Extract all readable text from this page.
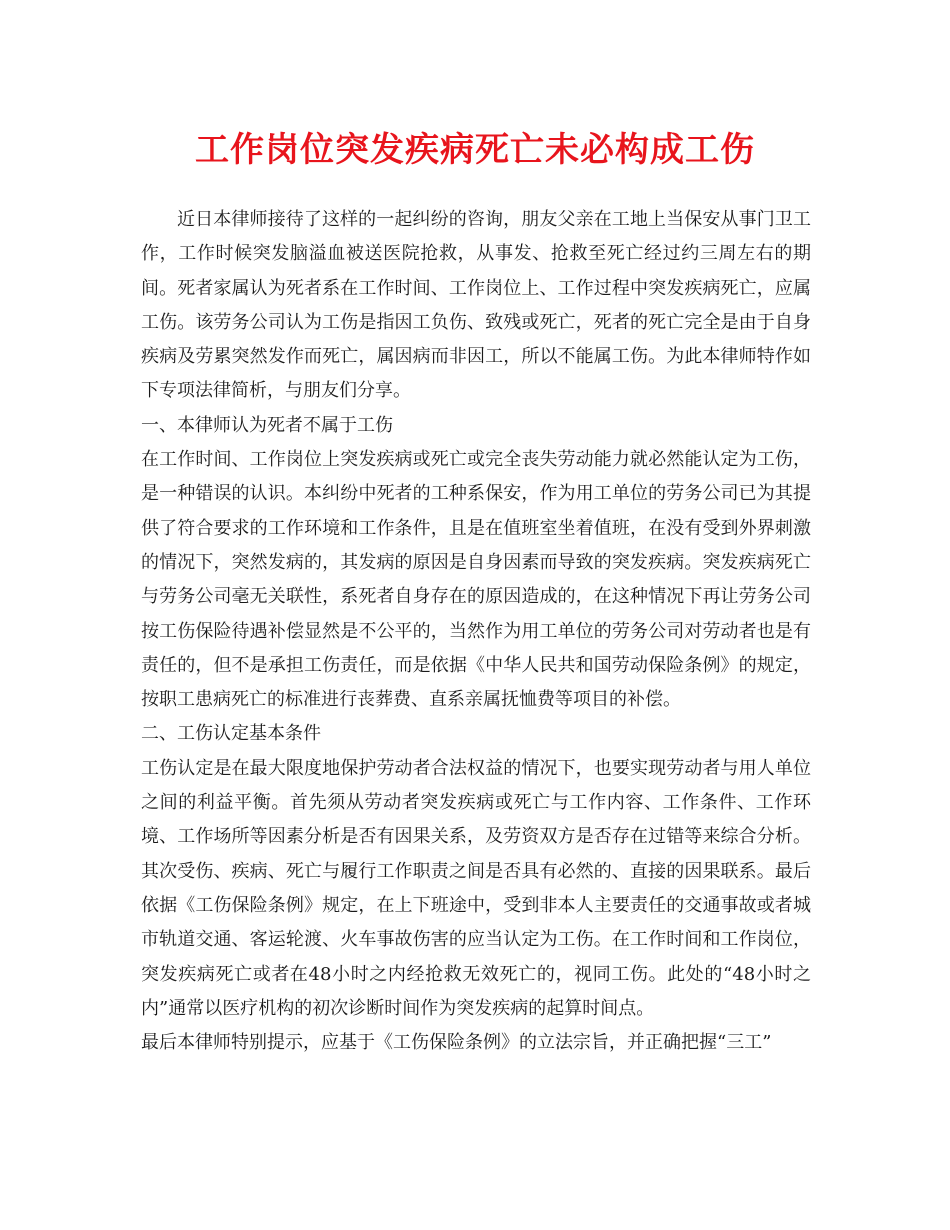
工作岗位突发疾病死亡未必构成工伤

近日本律师接待了这样的一起纠纷的咨询，朋友父亲在工地上当保安从事门卫工作，工作时候突发脑溢血被送医院抢救，从事发、抢救至死亡经过约三周左右的期间。死者家属认为死者系在工作时间、工作岗位上、工作过程中突发疾病死亡，应属工伤。该劳务公司认为工伤是指因工负伤、致残或死亡，死者的死亡完全是由于自身疾病及劳累突然发作而死亡，属因病而非因工，所以不能属工伤。为此本律师特作如下专项法律简析，与朋友们分享。

一、本律师认为死者不属于工伤

在工作时间、工作岗位上突发疾病或死亡或完全丧失劳动能力就必然能认定为工伤，是一种错误的认识。本纠纷中死者的工种系保安，作为用工单位的劳务公司已为其提供了符合要求的工作环境和工作条件，且是在值班室坐着值班，在没有受到外界刺激的情况下，突然发病的，其发病的原因是自身因素而导致的突发疾病。突发疾病死亡与劳务公司毫无关联性，系死者自身存在的原因造成的，在这种情况下再让劳务公司按工伤保险待遇补偿显然是不公平的，当然作为用工单位的劳务公司对劳动者也是有责任的，但不是承担工伤责任，而是依据《中华人民共和国劳动保险条例》的规定，按职工患病死亡的标准进行丧葬费、直系亲属抚恤费等项目的补偿。

二、工伤认定基本条件

工伤认定是在最大限度地保护劳动者合法权益的情况下，也要实现劳动者与用人单位之间的利益平衡。首先须从劳动者突发疾病或死亡与工作内容、工作条件、工作环境、工作场所等因素分析是否有因果关系，及劳资双方是否存在过错等来综合分析。其次受伤、疾病、死亡与履行工作职责之间是否具有必然的、直接的因果联系。最后依据《工伤保险条例》规定，在上下班途中，受到非本人主要责任的交通事故或者城市轨道交通、客运轮渡、火车事故伤害的应当认定为工伤。在工作时间和工作岗位，突发疾病死亡或者在48小时之内经抢救无效死亡的，视同工伤。此处的“48小时之内”通常以医疗机构的初次诊断时间作为突发疾病的起算时间点。

最后本律师特别提示，应基于《工伤保险条例》的立法宗旨，并正确把握“三工”
